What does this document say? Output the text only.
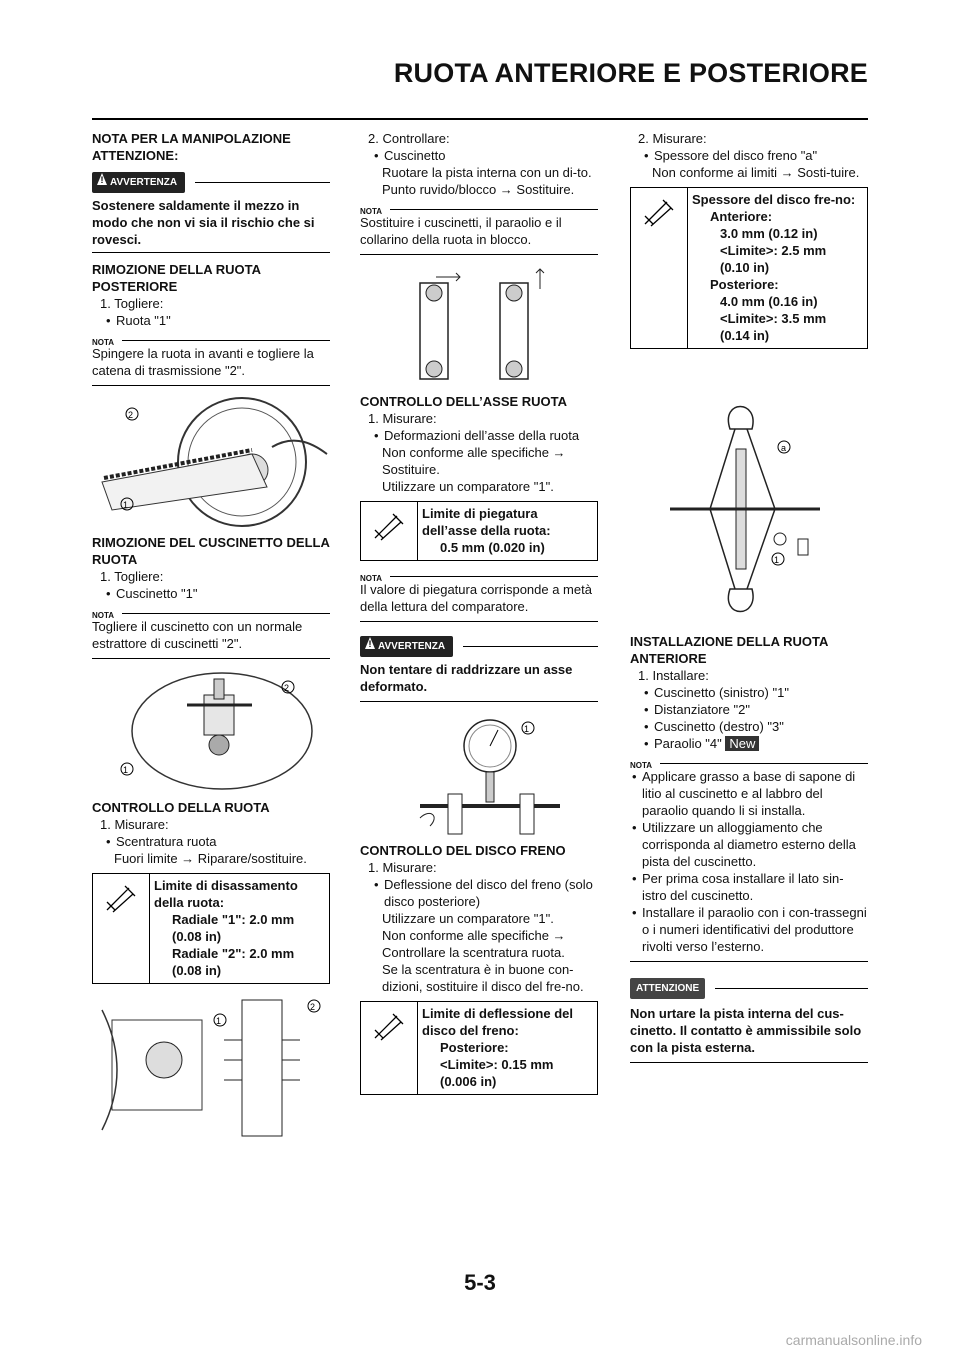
RUOTA ANTERIORE E POSTERIORE

NOTA PER LA MANIPOLAZIONE ATTENZIONE:

! AVVERTENZA

Sostenere saldamente il mezzo in modo che non vi sia il rischio che si rovesci.

RIMOZIONE DELLA RUOTA POSTERIORE

1. Togliere:

• Ruota "1"

NOTA

Spingere la ruota in avanti e togliere la catena di trasmissione "2".

1
2

RIMOZIONE DEL CUSCINETTO DELLA RUOTA

1. Togliere:

• Cuscinetto "1"

NOTA

Togliere il cuscinetto con un normale estrattore di cuscinetti "2".

1
2

CONTROLLO DELLA RUOTA

1. Misurare:

• Scentratura ruota

Fuori limite → Riparare/sostituire.

Limite di disassamento della ruota:
Radiale "1": 2.0 mm
(0.08 in)
Radiale "2": 2.0 mm
(0.08 in)
1
2

2. Controllare:

• Cuscinetto

Ruotare la pista interna con un di-to.

Punto ruvido/blocco → Sostituire.

NOTA

Sostituire i cuscinetti, il paraolio e il collarino della ruota in blocco.

CONTROLLO DELL’ASSE RUOTA

1. Misurare:

• Deformazioni dell’asse della ruota

Non conforme alle specifiche →

Sostituire.

Utilizzare un comparatore "1".

Limite di piegatura dell’asse della ruota:
0.5 mm (0.020 in)
NOTA

Il valore di piegatura corrisponde a metà della lettura del comparatore.

! AVVERTENZA

Non tentare di raddrizzare un asse deformato.

1

CONTROLLO DEL DISCO FRENO

1. Misurare:

• Deflessione del disco del freno (solo disco posteriore)

Utilizzare un comparatore "1".

Non conforme alle specifiche →

Controllare la scentratura ruota.

Se la scentratura è in buone con-dizioni, sostituire il disco del fre-no.

Limite di deflessione del disco del freno:
Posteriore:
<Limite>: 0.15 mm
(0.006 in)

2. Misurare:

• Spessore del disco freno "a"

Non conforme ai limiti → Sosti-tuire.

Spessore del disco fre-no:
Anteriore:
3.0 mm (0.12 in)
<Limite>: 2.5 mm
(0.10 in)
Posteriore:
4.0 mm (0.16 in)
<Limite>: 3.5 mm
(0.14 in)
a
1

INSTALLAZIONE DELLA RUOTA ANTERIORE

1. Installare:

• Cuscinetto (sinistro) "1"

• Distanziatore "2"

• Cuscinetto (destro) "3"

• Paraolio "4" New

NOTA

• Applicare grasso a base di sapone di litio al cuscinetto e al labbro del paraolio quando li si installa.

• Utilizzare un alloggiamento che corrisponda al diametro esterno della pista del cuscinetto.

• Per prima cosa installare il lato sin-istro del cuscinetto.

• Installare il paraolio con i con-trassegni o i numeri identificativi del produttore rivolti verso l’esterno.

ATTENZIONE

Non urtare la pista interna del cus-cinetto. Il contatto è ammissibile solo con la pista esterna.

5-3
carmanualsonline.info
